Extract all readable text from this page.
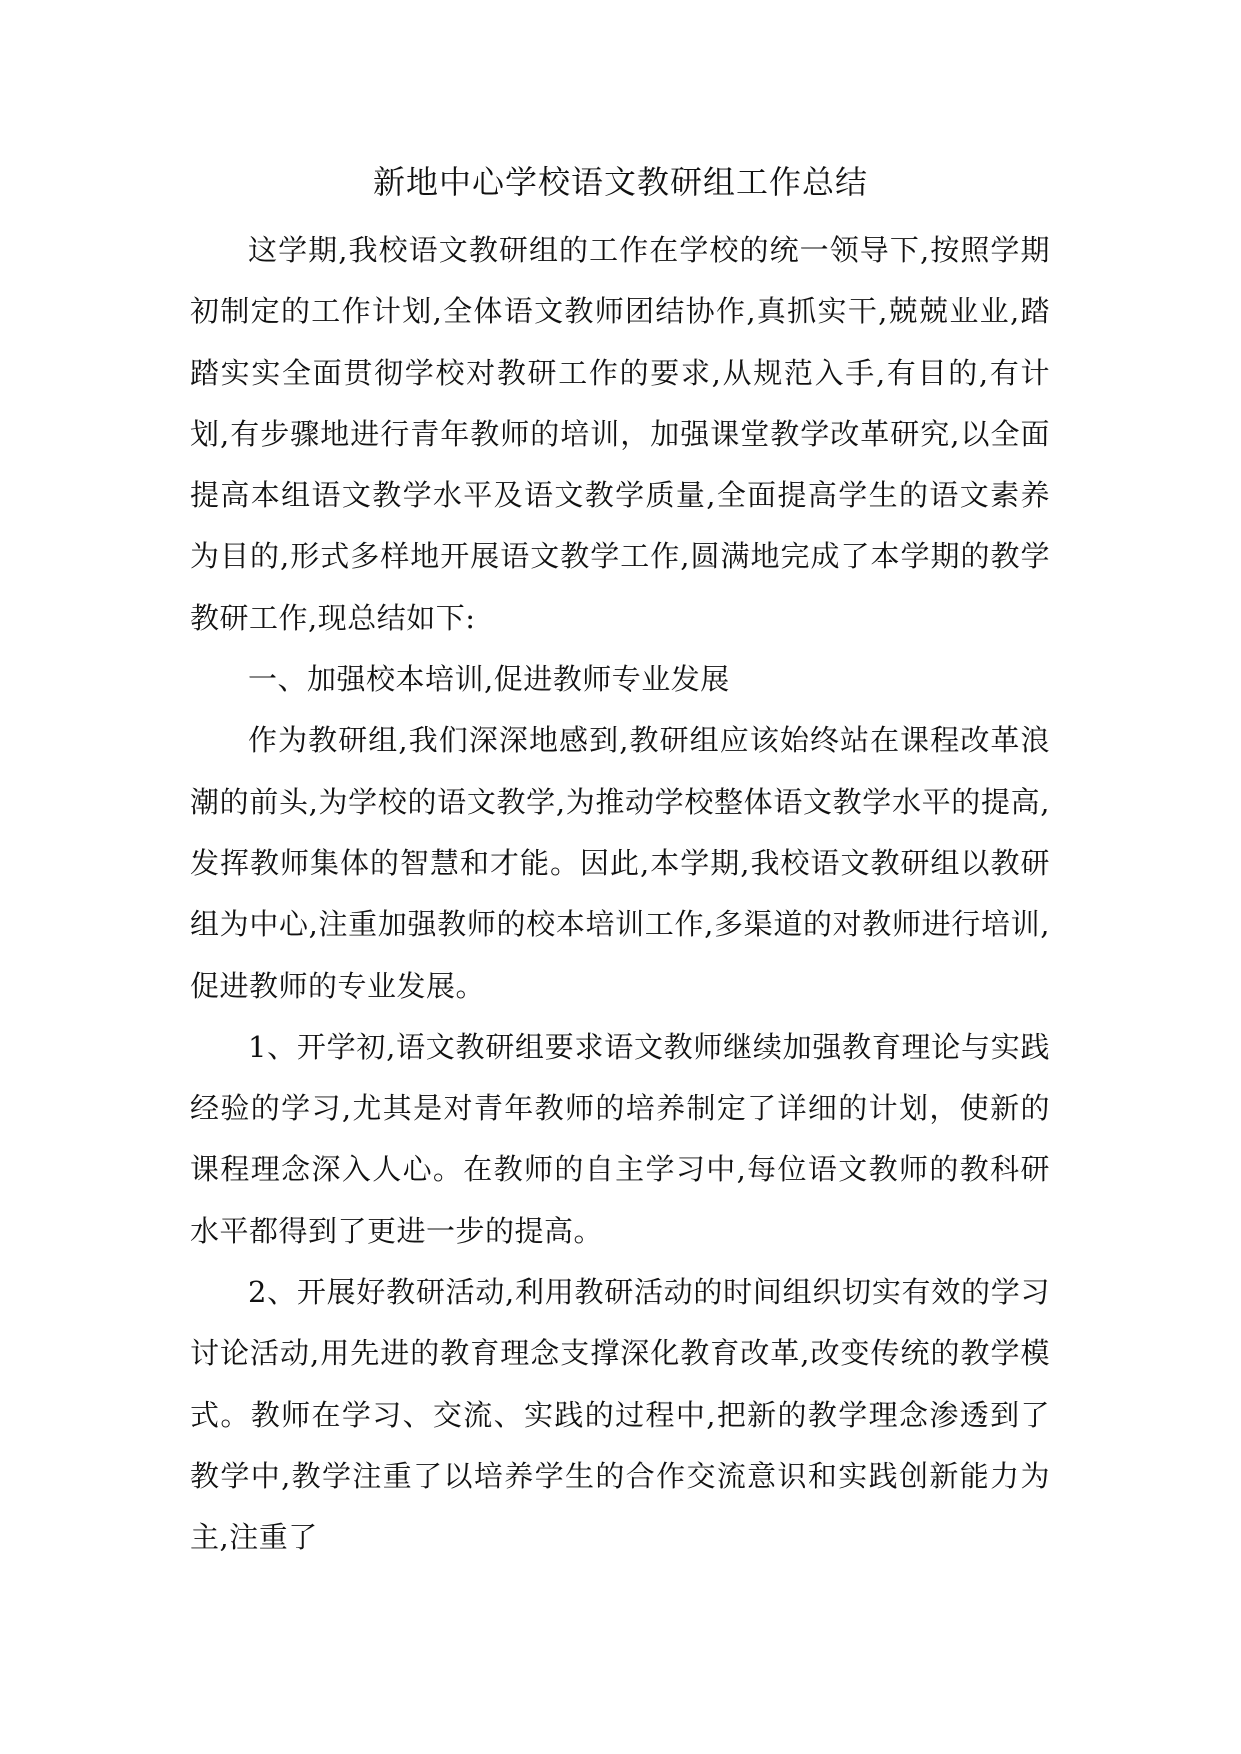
新地中心学校语文教研组工作总结

这学期,我校语文教研组的工作在学校的统一领导下,按照学期初制定的工作计划,全体语文教师团结协作,真抓实干,兢兢业业,踏踏实实全面贯彻学校对教研工作的要求,从规范入手,有目的,有计划,有步骤地进行青年教师的培训，加强课堂教学改革研究,以全面提高本组语文教学水平及语文教学质量,全面提高学生的语文素养为目的,形式多样地开展语文教学工作,圆满地完成了本学期的教学教研工作,现总结如下:

一、加强校本培训,促进教师专业发展

作为教研组,我们深深地感到,教研组应该始终站在课程改革浪潮的前头,为学校的语文教学,为推动学校整体语文教学水平的提高,发挥教师集体的智慧和才能。因此,本学期,我校语文教研组以教研组为中心,注重加强教师的校本培训工作,多渠道的对教师进行培训,促进教师的专业发展。

1、开学初,语文教研组要求语文教师继续加强教育理论与实践经验的学习,尤其是对青年教师的培养制定了详细的计划，使新的课程理念深入人心。在教师的自主学习中,每位语文教师的教科研水平都得到了更进一步的提高。

2、开展好教研活动,利用教研活动的时间组织切实有效的学习讨论活动,用先进的教育理念支撑深化教育改革,改变传统的教学模式。教师在学习、交流、实践的过程中,把新的教学理念渗透到了教学中,教学注重了以培养学生的合作交流意识和实践创新能力为主,注重了
